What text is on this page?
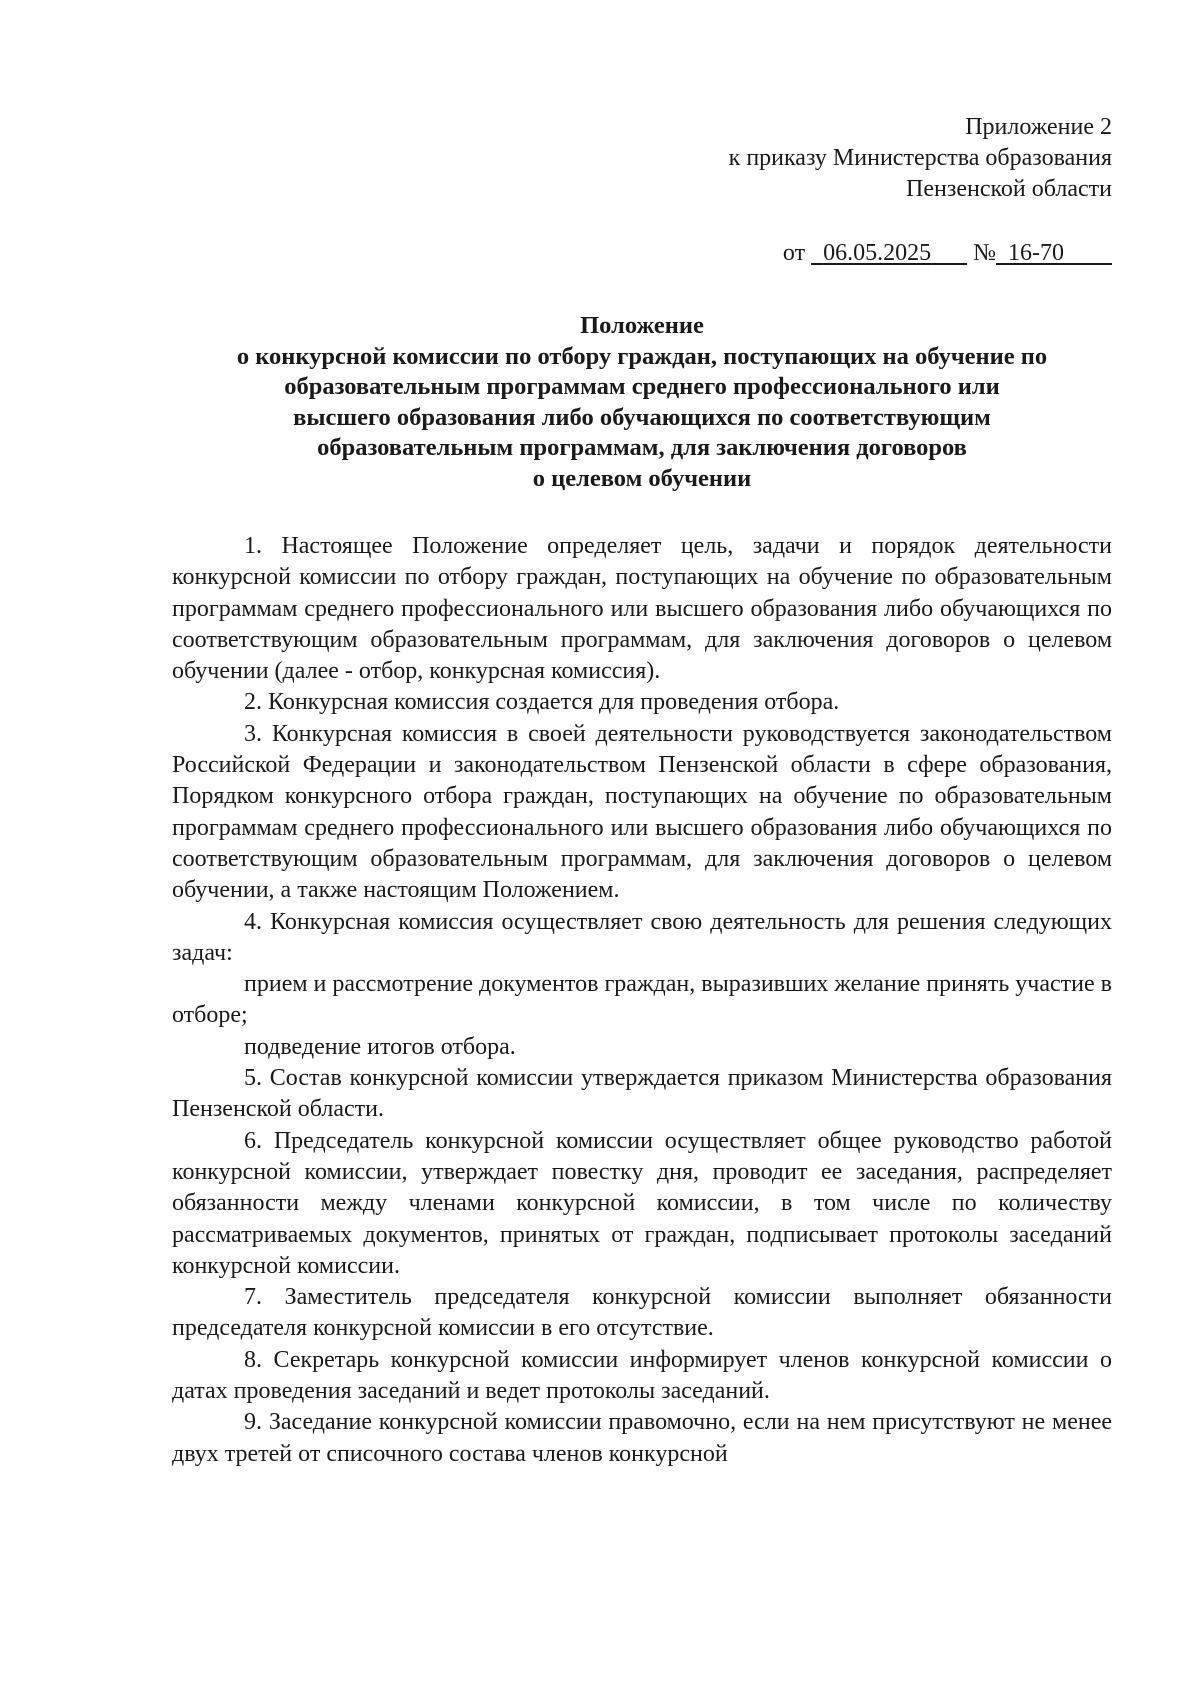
Приложение 2
к приказу Министерства образования
Пензенской области
от 06.05.2025 № 16-70
Положение
о конкурсной комиссии по отбору граждан, поступающих на обучение по
образовательным программам среднего профессионального или
высшего образования либо обучающихся по соответствующим
образовательным программам, для заключения договоров
о целевом обучении

1. Настоящее Положение определяет цель, задачи и порядок деятельности конкурсной комиссии по отбору граждан, поступающих на обучение по образовательным программам среднего профессионального или высшего образования либо обучающихся по соответствующим образовательным программам, для заключения договоров о целевом обучении (далее - отбор, конкурсная комиссия).

2. Конкурсная комиссия создается для проведения отбора.

3. Конкурсная комиссия в своей деятельности руководствуется законодательством Российской Федерации и законодательством Пензенской области в сфере образования, Порядком конкурсного отбора граждан, поступающих на обучение по образовательным программам среднего профессионального или высшего образования либо обучающихся по соответствующим образовательным программам, для заключения договоров о целевом обучении, а также настоящим Положением.

4. Конкурсная комиссия осуществляет свою деятельность для решения следующих задач:

прием и рассмотрение документов граждан, выразивших желание принять участие в отборе;

подведение итогов отбора.

5. Состав конкурсной комиссии утверждается приказом Министерства образования Пензенской области.

6. Председатель конкурсной комиссии осуществляет общее руководство работой конкурсной комиссии, утверждает повестку дня, проводит ее заседания, распределяет обязанности между членами конкурсной комиссии, в том числе по количеству рассматриваемых документов, принятых от граждан, подписывает протоколы заседаний конкурсной комиссии.

7. Заместитель председателя конкурсной комиссии выполняет обязанности председателя конкурсной комиссии в его отсутствие.

8. Секретарь конкурсной комиссии информирует членов конкурсной комиссии о датах проведения заседаний и ведет протоколы заседаний.

9. Заседание конкурсной комиссии правомочно, если на нем присутствуют не менее двух третей от списочного состава членов конкурсной
